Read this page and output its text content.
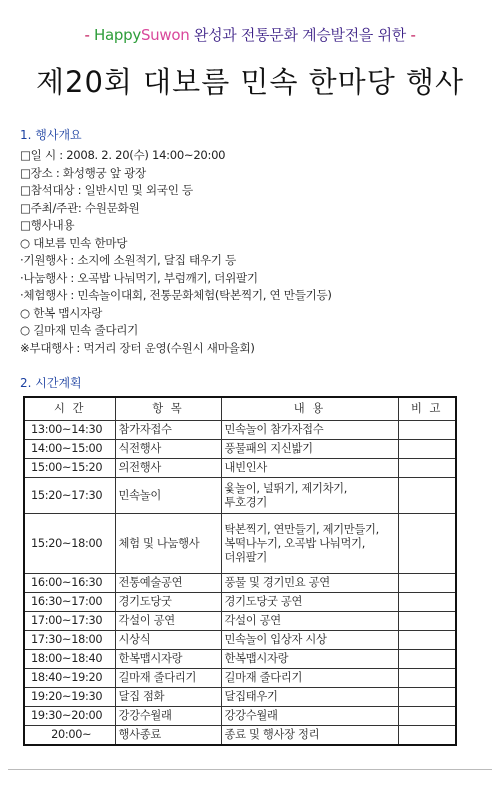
- HappySuwon 완성과 전통문화 계승발전을 위한 -
제20회 대보름 민속 한마당 행사
1. 행사개요
□일 시 : 2008. 2. 20(수) 14:00~20:00
□장소 : 화성행궁 앞 광장
□참석대상 : 일반시민 및 외국인 등
□주최/주관: 수원문화원
□행사내용
○ 대보름 민속 한마당
·기원행사 : 소지에 소원적기, 달집 태우기 등
·나눔행사 : 오곡밥 나눠먹기, 부럼깨기, 더위팔기
·체험행사 : 민속놀이대회, 전통문화체험(탁본찍기, 연 만들기등)
○ 한복 맵시자랑
○ 길마재 민속 줄다리기
※부대행사 : 먹거리 장터 운영(수원시 새마을회)
2. 시간계획
시 간	항 목	내 용	비 고
13:00~14:30	참가자접수	민속놀이 참가자접수	
14:00~15:00	식전행사	풍물패의 지신밟기	
15:00~15:20	의전행사	내빈인사	
15:20~17:30	민속놀이	윷놀이, 널뛰기, 제기차기,
투호경기	
15:20~18:00	체험 및 나눔행사	탁본찍기, 연만들기, 제기만들기,
복떡나누기, 오곡밥 나눠먹기,
더위팔기	
16:00~16:30	전통예술공연	풍물 및 경기민요 공연	
16:30~17:00	경기도당굿	경기도당굿 공연	
17:00~17:30	각설이 공연	각설이 공연	
17:30~18:00	시상식	민속놀이 입상자 시상	
18:00~18:40	한복맵시자랑	한복맵시자랑	
18:40~19:20	길마재 줄다리기	길마재 줄다리기	
19:20~19:30	달집 점화	달집태우기	
19:30~20:00	강강수월래	강강수월래	
20:00~	행사종료	종료 및 행사장 정리	
